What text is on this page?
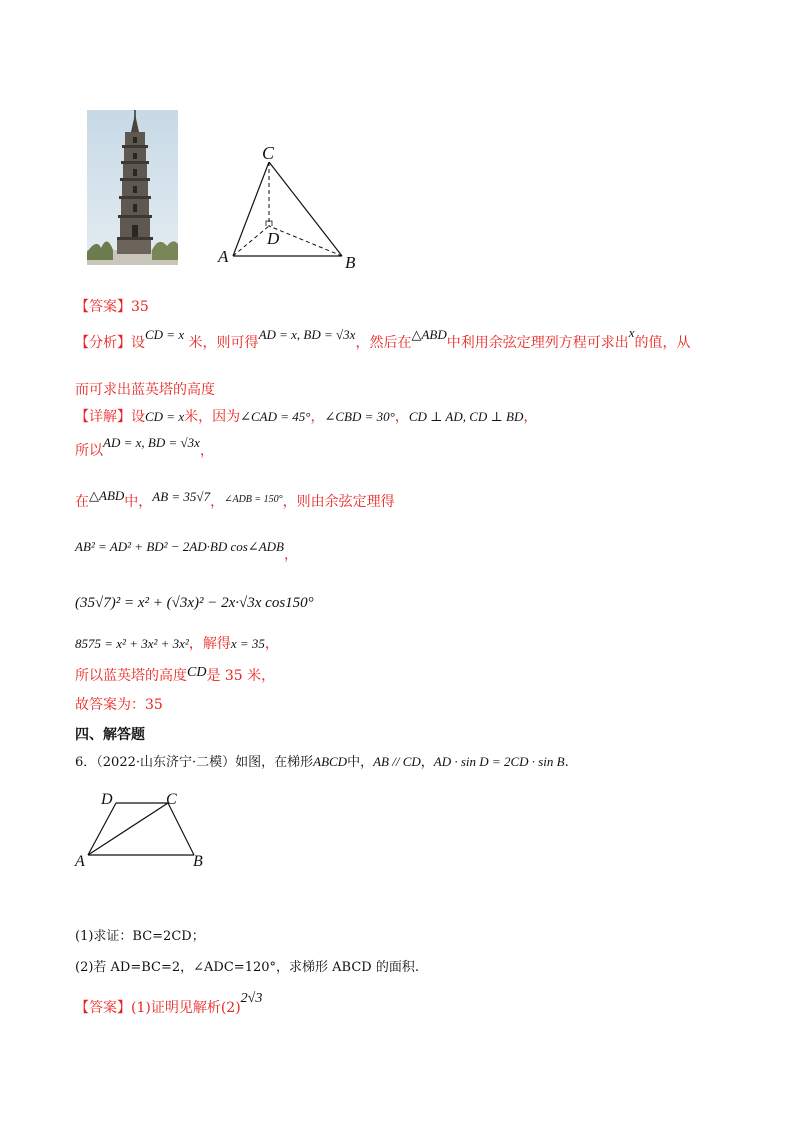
C
D
A	B
【答案】35
【分析】设CD = x 米，则可得AD = x, BD = √3x，然后在△ABD中利用余弦定理列方程可求出x的值，从
而可求出蓝英塔的高度
【详解】设CD = x米，因为∠CAD = 45°，∠CBD = 30°，CD ⊥ AD, CD ⊥ BD，
所以AD = x, BD = √3x，
在△ABD中，AB = 35√7，$^{\angle ADB = 150^\circ}$，则由余弦定理得
AB² = AD² + BD² − 2AD·BD cos∠ADB，
(35√7)² = x² + (√3x)² − 2x·√3x cos150°
8575 = x² + 3x² + 3x²，解得x = 35，
所以蓝英塔的高度CD是 35 米，
故答案为：35
四、解答题
6．（2022·山东济宁·二模）如图，在梯形ABCD中，AB // CD，AD · sin D = 2CD · sin B.
D	C
A	B
(1)求证：BC=2CD；
(2)若 AD=BC=2，∠ADC=120°，求梯形 ABCD 的面积.
【答案】(1)证明见解析(2)2√3
